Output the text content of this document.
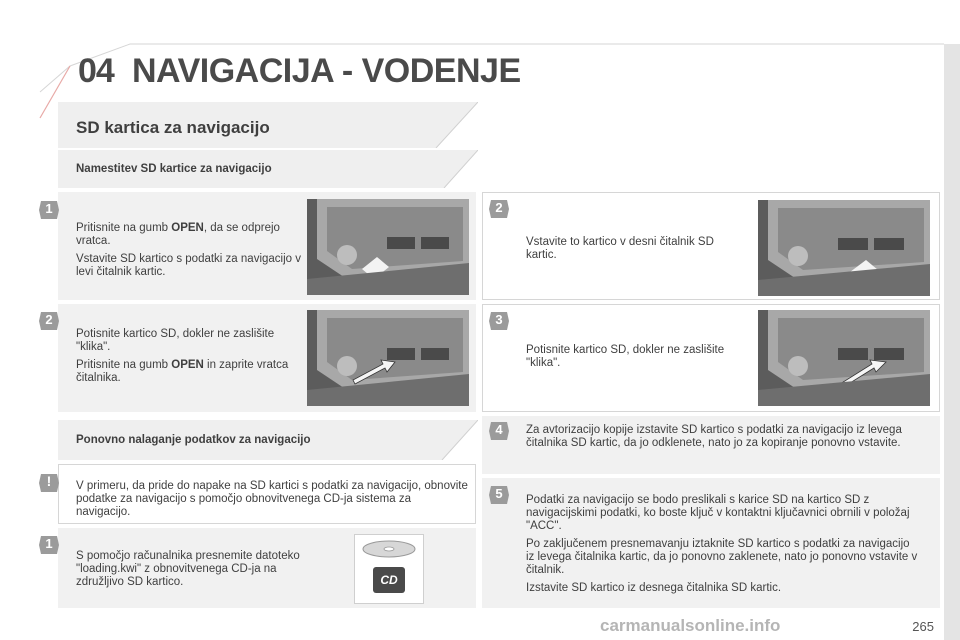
04 NAVIGACIJA - VODENJE
SD kartica za navigacijo
Namestitev SD kartice za navigacijo
1

Pritisnite na gumb OPEN, da se odprejo vratca.

Vstavite SD kartico s podatki za navigacijo v levi čitalnik kartic.

2

Potisnite kartico SD, dokler ne zaslišite "klika".

Pritisnite na gumb OPEN in zaprite vratca čitalnika.

Ponovno nalaganje podatkov za navigacijo
!	V primeru, da pride do napake na SD kartici s podatki za navigacijo, obnovite podatke za navigacijo s pomočjo obnovitvenega CD-ja sistema za navigacijo.
1
S pomočjo računalnika presnemite datoteko "loading.kwi" z obnovitvenega CD-ja na združljivo SD kartico.	CD
2
Vstavite to kartico v desni čitalnik SD kartic.
3
Potisnite kartico SD, dokler ne zaslišite "klika".
4	Za avtorizacijo kopije izstavite SD kartico s podatki za navigacijo iz levega čitalnika SD kartic, da jo odklenete, nato jo za kopiranje ponovno vstavite.
5	Podatki za navigacijo se bodo preslikali s karice SD na kartico SD z navigacijskimi podatki, ko boste ključ v kontaktni ključavnici obrnili v položaj "ACC".

Po zaključenem presnemavanju iztaknite SD kartico s podatki za navigacijo iz levega čitalnika kartic, da jo ponovno zaklenete, nato jo ponovno vstavite v čitalnik.

Izstavite SD kartico iz desnega čitalnika SD kartic.

carmanualsonline.info	265
